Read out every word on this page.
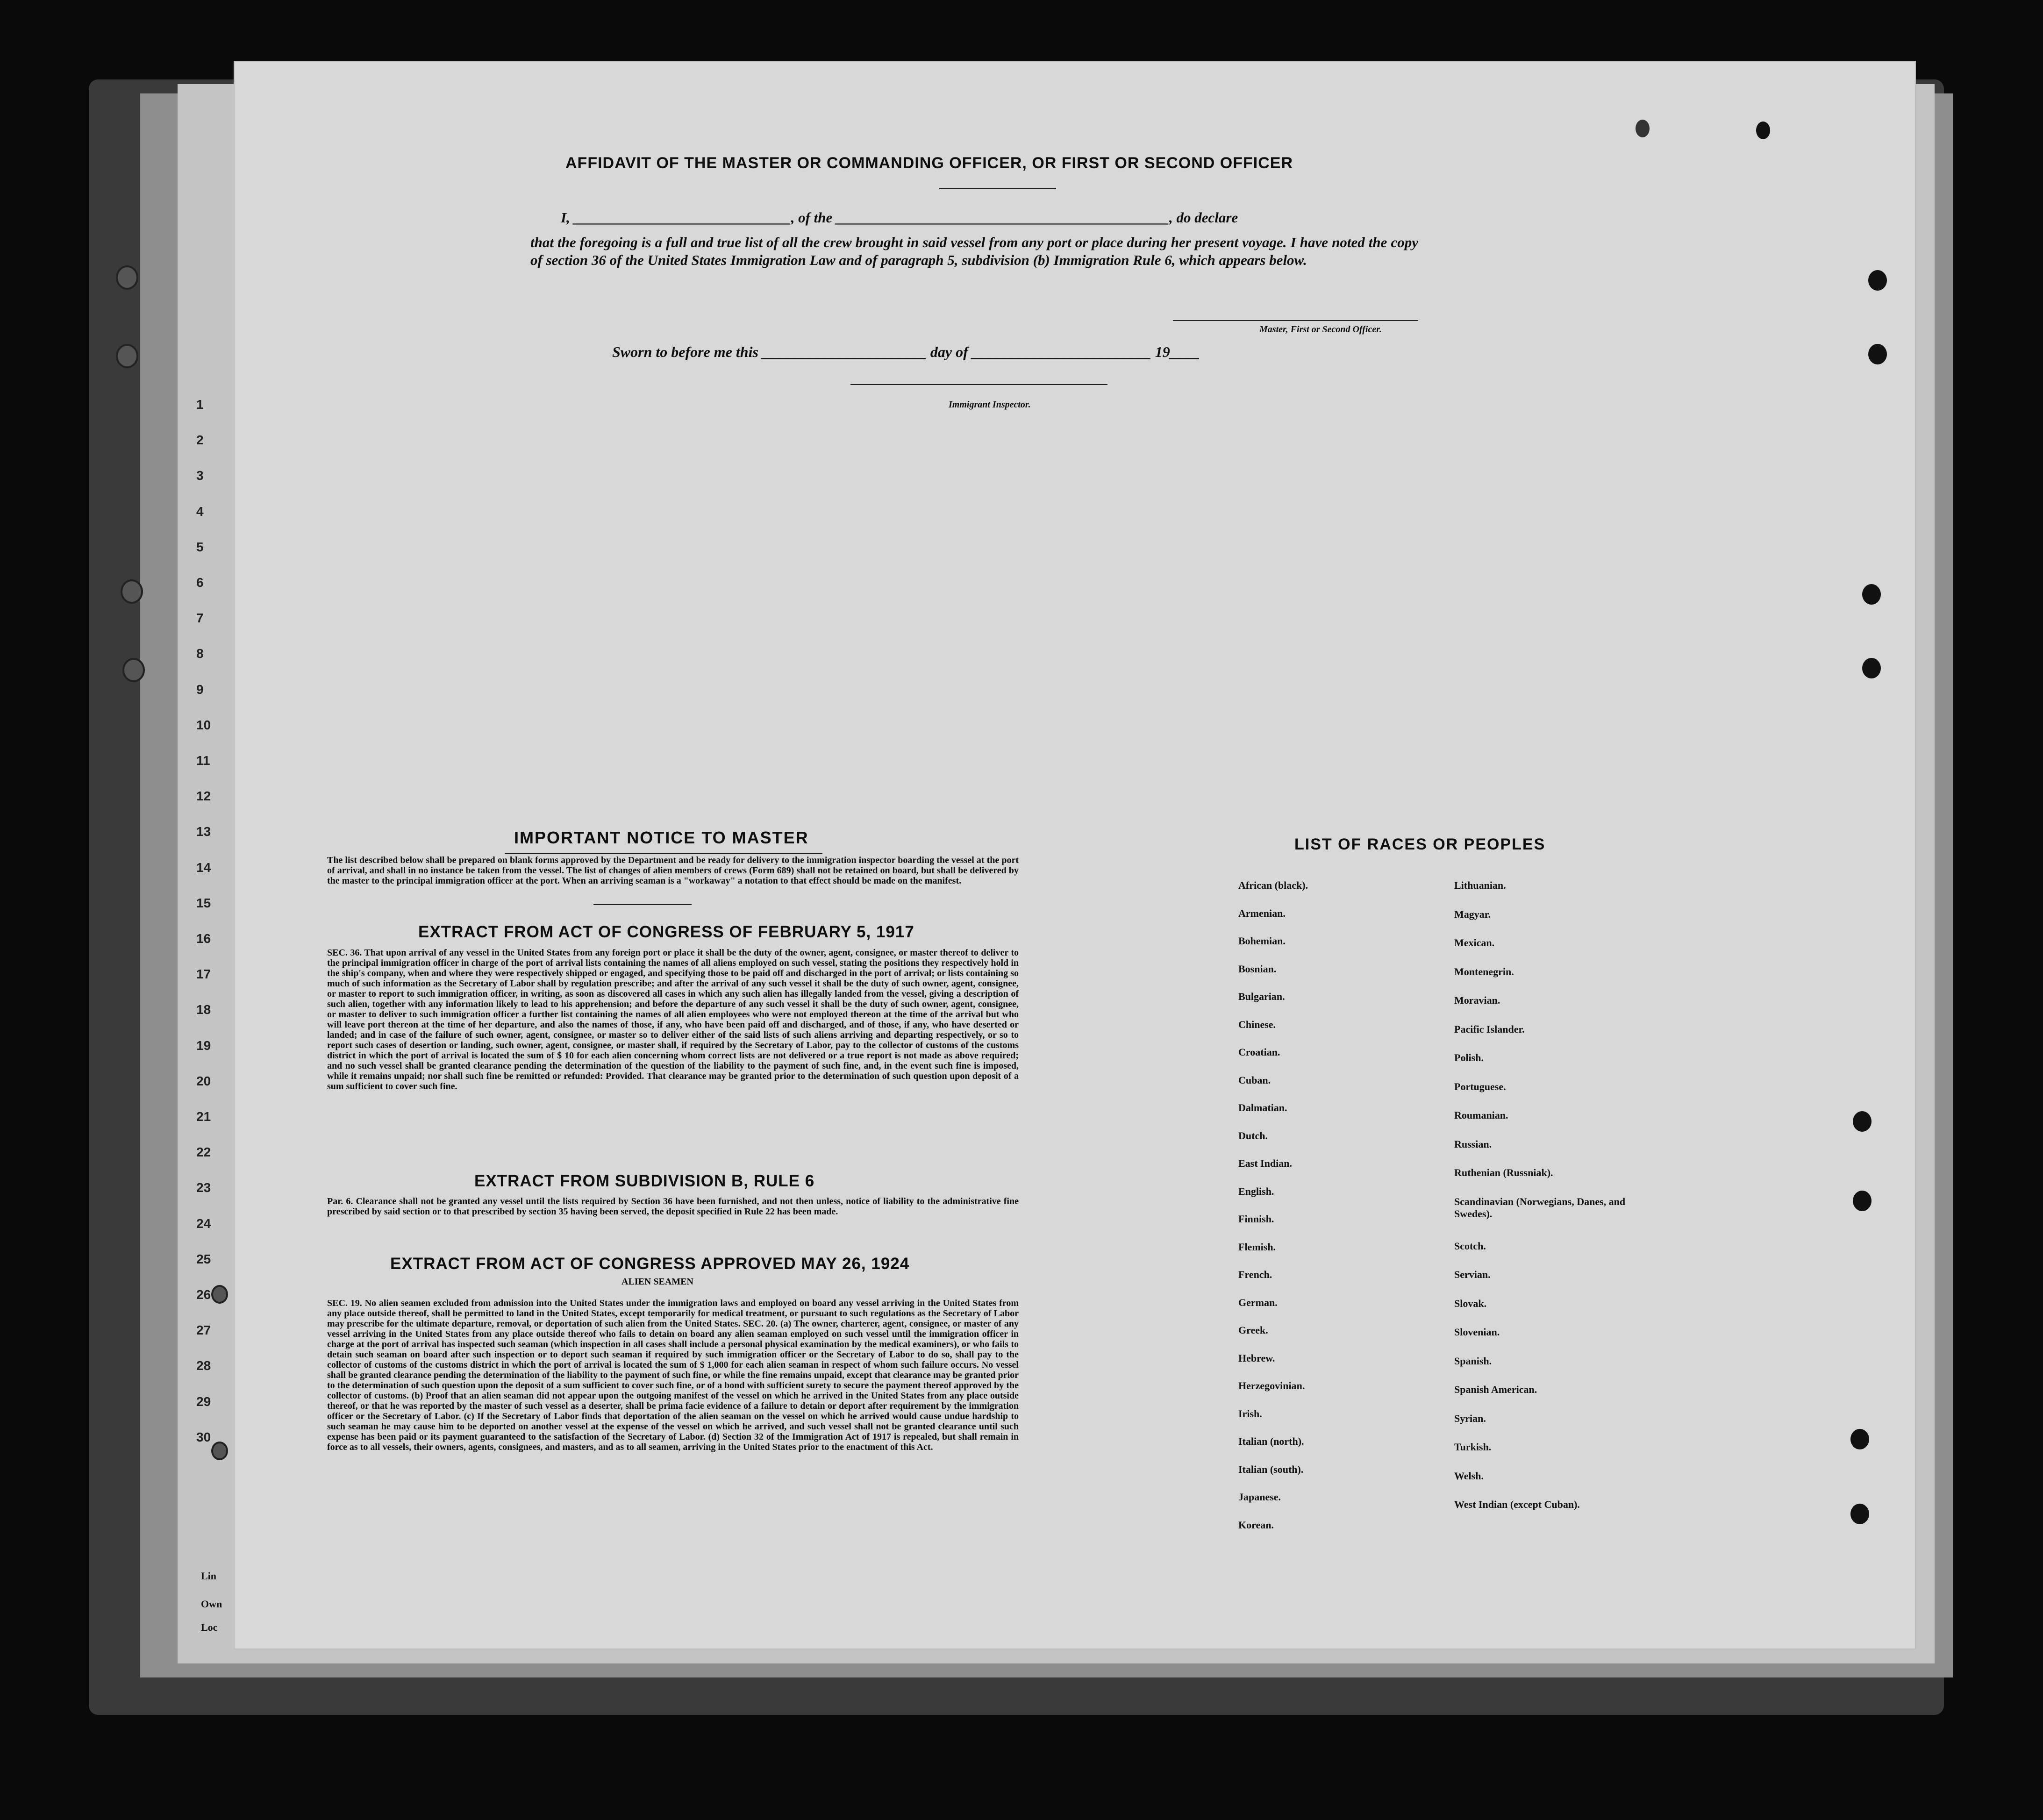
1
2
3
4
5
6
7
8
9
10
11
12
13
14
15
16
17
18
19
20
21
22
23
24
25
26
27
28
29
30
Lin
Own
Loc
AFFIDAVIT OF THE MASTER OR COMMANDING OFFICER, OR FIRST OR SECOND OFFICER
I, ______________________________, of the ______________________________________________, do declare
that the foregoing is a full and true list of all the crew brought in said vessel from any port or place during her present voyage. I have noted the copy of section 36 of the United States Immigration Law and of paragraph 5, subdivision (b) Immigration Rule 6, which appears below.
Master, First or Second Officer.
Sworn to before me this ______________________ day of ________________________ 19____
Immigrant Inspector.
IMPORTANT NOTICE TO MASTER
The list described below shall be prepared on blank forms approved by the Department and be ready for delivery to the immigration inspector boarding the vessel at the port of arrival, and shall in no instance be taken from the vessel. The list of changes of alien members of crews (Form 689) shall not be retained on board, but shall be delivered by the master to the principal immigration officer at the port. When an arriving seaman is a "workaway" a notation to that effect should be made on the manifest.
EXTRACT FROM ACT OF CONGRESS OF FEBRUARY 5, 1917
SEC. 36. That upon arrival of any vessel in the United States from any foreign port or place it shall be the duty of the owner, agent, consignee, or master thereof to deliver to the principal immigration officer in charge of the port of arrival lists containing the names of all aliens employed on such vessel, stating the positions they respectively hold in the ship's company, when and where they were respectively shipped or engaged, and specifying those to be paid off and discharged in the port of arrival; or lists containing so much of such information as the Secretary of Labor shall by regulation prescribe; and after the arrival of any such vessel it shall be the duty of such owner, agent, consignee, or master to report to such immigration officer, in writing, as soon as discovered all cases in which any such alien has illegally landed from the vessel, giving a description of such alien, together with any information likely to lead to his apprehension; and before the departure of any such vessel it shall be the duty of such owner, agent, consignee, or master to deliver to such immigration officer a further list containing the names of all alien employees who were not employed thereon at the time of the arrival but who will leave port thereon at the time of her departure, and also the names of those, if any, who have been paid off and discharged, and of those, if any, who have deserted or landed; and in case of the failure of such owner, agent, consignee, or master so to deliver either of the said lists of such aliens arriving and departing respectively, or so to report such cases of desertion or landing, such owner, agent, consignee, or master shall, if required by the Secretary of Labor, pay to the collector of customs of the customs district in which the port of arrival is located the sum of $ 10 for each alien concerning whom correct lists are not delivered or a true report is not made as above required; and no such vessel shall be granted clearance pending the determination of the question of the liability to the payment of such fine, and, in the event such fine is imposed, while it remains unpaid; nor shall such fine be remitted or refunded: Provided. That clearance may be granted prior to the determination of such question upon deposit of a sum sufficient to cover such fine.
EXTRACT FROM SUBDIVISION B, RULE 6
Par. 6. Clearance shall not be granted any vessel until the lists required by Section 36 have been furnished, and not then unless, notice of liability to the administrative fine prescribed by said section or to that prescribed by section 35 having been served, the deposit specified in Rule 22 has been made.
EXTRACT FROM ACT OF CONGRESS APPROVED MAY 26, 1924
ALIEN SEAMEN
SEC. 19. No alien seamen excluded from admission into the United States under the immigration laws and employed on board any vessel arriving in the United States from any place outside thereof, shall be permitted to land in the United States, except temporarily for medical treatment, or pursuant to such regulations as the Secretary of Labor may prescribe for the ultimate departure, removal, or deportation of such alien from the United States. SEC. 20. (a) The owner, charterer, agent, consignee, or master of any vessel arriving in the United States from any place outside thereof who fails to detain on board any alien seaman employed on such vessel until the immigration officer in charge at the port of arrival has inspected such seaman (which inspection in all cases shall include a personal physical examination by the medical examiners), or who fails to detain such seaman on board after such inspection or to deport such seaman if required by such immigration officer or the Secretary of Labor to do so, shall pay to the collector of customs of the customs district in which the port of arrival is located the sum of $ 1,000 for each alien seaman in respect of whom such failure occurs. No vessel shall be granted clearance pending the determination of the liability to the payment of such fine, or while the fine remains unpaid, except that clearance may be granted prior to the determination of such question upon the deposit of a sum sufficient to cover such fine, or of a bond with sufficient surety to secure the payment thereof approved by the collector of customs. (b) Proof that an alien seaman did not appear upon the outgoing manifest of the vessel on which he arrived in the United States from any place outside thereof, or that he was reported by the master of such vessel as a deserter, shall be prima facie evidence of a failure to detain or deport after requirement by the immigration officer or the Secretary of Labor. (c) If the Secretary of Labor finds that deportation of the alien seaman on the vessel on which he arrived would cause undue hardship to such seaman he may cause him to be deported on another vessel at the expense of the vessel on which he arrived, and such vessel shall not be granted clearance until such expense has been paid or its payment guaranteed to the satisfaction of the Secretary of Labor. (d) Section 32 of the Immigration Act of 1917 is repealed, but shall remain in force as to all vessels, their owners, agents, consignees, and masters, and as to all seamen, arriving in the United States prior to the enactment of this Act.
LIST OF RACES OR PEOPLES
African (black).
Armenian.
Bohemian.
Bosnian.
Bulgarian.
Chinese.
Croatian.
Cuban.
Dalmatian.
Dutch.
East Indian.
English.
Finnish.
Flemish.
French.
German.
Greek.
Hebrew.
Herzegovinian.
Irish.
Italian (north).
Italian (south).
Japanese.
Korean.
Lithuanian.
Magyar.
Mexican.
Montenegrin.
Moravian.
Pacific Islander.
Polish.
Portuguese.
Roumanian.
Russian.
Ruthenian (Russniak).
Scandinavian (Norwegians, Danes, and Swedes).
Scotch.
Servian.
Slovak.
Slovenian.
Spanish.
Spanish American.
Syrian.
Turkish.
Welsh.
West Indian (except Cuban).
